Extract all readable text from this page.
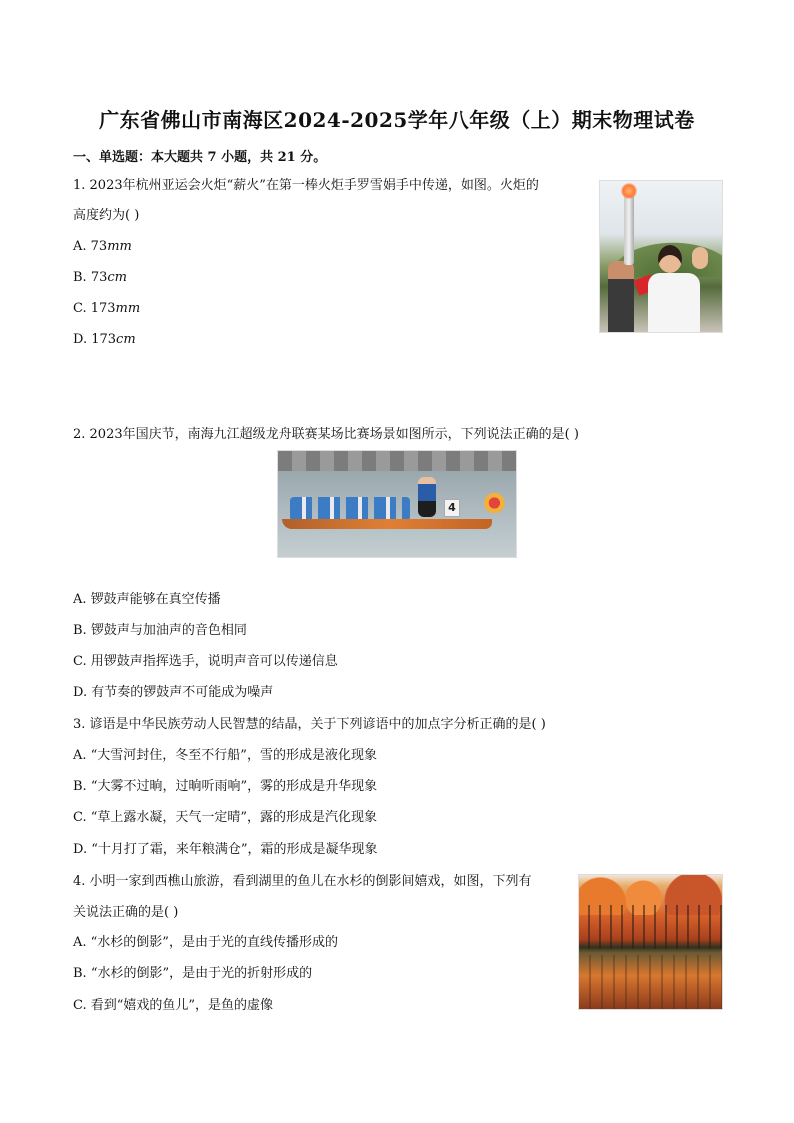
广东省佛山市南海区2024-2025学年八年级（上）期末物理试卷
一、单选题：本大题共 7 小题，共 21 分。
1. 2023年杭州亚运会火炬“薪火”在第一棒火炬手罗雪娟手中传递，如图。火炬的
高度约为( )
A. 73𝑚𝑚
B. 73𝑐𝑚
C. 173𝑚𝑚
D. 173𝑐𝑚
2. 2023年国庆节，南海九江超级龙舟联赛某场比赛场景如图所示，下列说法正确的是( )
4
A. 锣鼓声能够在真空传播
B. 锣鼓声与加油声的音色相同
C. 用锣鼓声指挥选手，说明声音可以传递信息
D. 有节奏的锣鼓声不可能成为噪声
3. 谚语是中华民族劳动人民智慧的结晶，关于下列谚语中的加点字分析正确的是( )
A. “大雪河封住，冬至不行船”，雪的形成是液化现象
B. “大雾不过晌，过晌听雨响”，雾的形成是升华现象
C. “草上露水凝，天气一定晴”，露的形成是汽化现象
D. “十月打了霜，来年粮满仓”，霜的形成是凝华现象
4. 小明一家到西樵山旅游，看到湖里的鱼儿在水杉的倒影间嬉戏，如图，下列有
关说法正确的是( )
A. “水杉的倒影”，是由于光的直线传播形成的
B. “水杉的倒影”，是由于光的折射形成的
C. 看到“嬉戏的鱼儿”，是鱼的虚像
